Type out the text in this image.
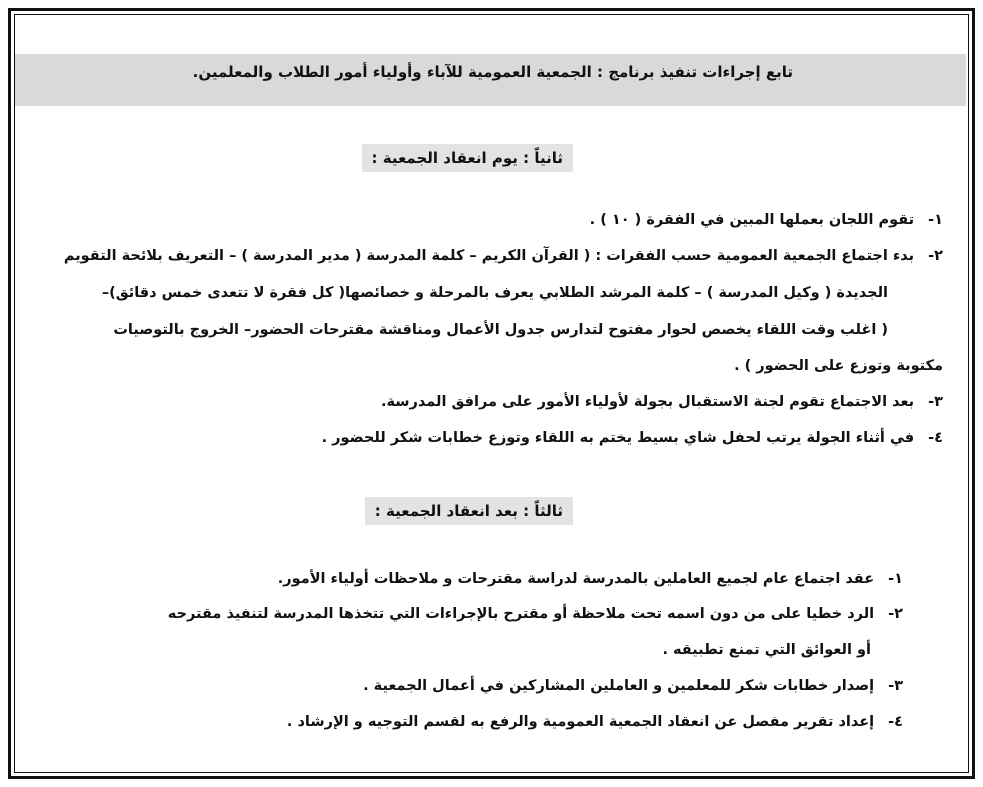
تابع إجراءات تنفيذ برنامج : الجمعية العمومية للآباء وأولياء أمور الطلاب والمعلمين.
ثانياً : يوم انعقاد الجمعية :
١-تقوم اللجان بعملها المبين في الفقرة ( ١٠ ) .
٢-بدء اجتماع الجمعية العمومية حسب الفقرات : ( القرآن الكريم – كلمة المدرسة ( مدير المدرسة ) – التعريف بلائحة التقويم
الجديدة ( وكيل المدرسة ) – كلمة المرشد الطلابي يعرف بالمرحلة و خصائصها( كل فقرة لا تتعدى خمس دقائق)–
( اغلب وقت اللقاء يخصص لحوار مفتوح لتدارس جدول الأعمال ومناقشة مقترحات الحضور– الخروج بالتوصيات
مكتوبة وتوزع على الحضور ) .
٣-بعد الاجتماع تقوم لجنة الاستقبال بجولة لأولياء الأمور على مرافق المدرسة.
٤-في أثناء الجولة يرتب لحفل شاي بسيط يختم به اللقاء وتوزع خطابات شكر للحضور .
ثالثاً : بعد انعقاد الجمعية :
١-عقد اجتماع عام لجميع العاملين بالمدرسة لدراسة مقترحات و ملاحظات أولياء الأمور.
٢-الرد خطيا على من دون اسمه تحت ملاحظة أو مقترح بالإجراءات التي تتخذها المدرسة لتنفيذ مقترحه
أو العوائق التي تمنع تطبيقه .
٣-إصدار خطابات شكر للمعلمين و العاملين المشاركين في أعمال الجمعية .
٤-إعداد تقرير مفصل عن انعقاد الجمعية العمومية والرفع به لقسم التوجيه و الإرشاد .
